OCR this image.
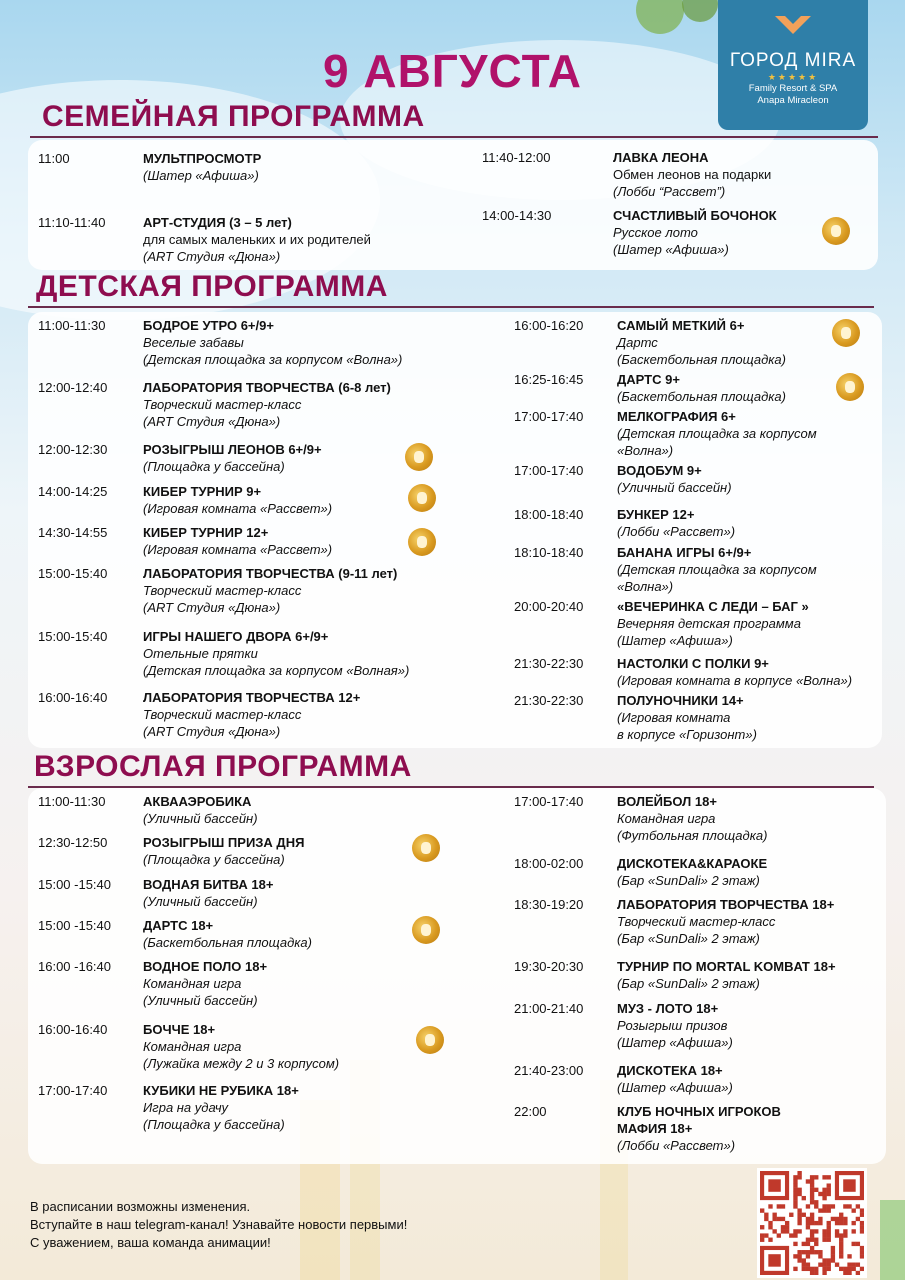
ГОРОД MIRA
★★★★★
Family Resort & SPA
Anapa Miracleon
9 АВГУСТА
СЕМЕЙНАЯ ПРОГРАММА
11:00	МУЛЬТПРОСМОТР
(Шатер «Афиша»)
11:10-11:40	АРТ-СТУДИЯ (3 – 5 лет)
для самых маленьких и их родителей
(ART Студия «Дюна»)
11:40-12:00	ЛАВКА ЛЕОНА
Обмен леонов на подарки
(Лобби “Рассвет”)
14:00-14:30	СЧАСТЛИВЫЙ БОЧОНОК
Русское лото
(Шатер «Афиша»)
ДЕТСКАЯ ПРОГРАММА
11:00-11:30	БОДРОЕ УТРО 6+/9+
Веселые забавы
(Детская площадка за корпусом «Волна»)
12:00-12:40	ЛАБОРАТОРИЯ ТВОРЧЕСТВА (6-8 лет)
Творческий мастер-класс
(ART Студия «Дюна»)
12:00-12:30	РОЗЫГРЫШ ЛЕОНОВ 6+/9+
(Площадка у бассейна)
14:00-14:25	КИБЕР ТУРНИР 9+
(Игровая комната «Рассвет»)
14:30-14:55	КИБЕР ТУРНИР 12+
(Игровая комната «Рассвет»)
15:00-15:40	ЛАБОРАТОРИЯ ТВОРЧЕСТВА (9-11 лет)
Творческий мастер-класс
(ART Студия «Дюна»)
15:00-15:40	ИГРЫ НАШЕГО ДВОРА 6+/9+
Отельные прятки
(Детская площадка за корпусом «Волная»)
16:00-16:40	ЛАБОРАТОРИЯ ТВОРЧЕСТВА 12+
Творческий мастер-класс
(ART Студия «Дюна»)
16:00-16:20	САМЫЙ МЕТКИЙ 6+
Дартс
(Баскетбольная площадка)
16:25-16:45	ДАРТС 9+
(Баскетбольная площадка)
17:00-17:40	МЕЛКОГРАФИЯ 6+
(Детская площадка за корпусом
«Волна»)
17:00-17:40	ВОДОБУМ 9+
(Уличный бассейн)
18:00-18:40	БУНКЕР 12+
(Лобби «Рассвет»)
18:10-18:40	БАНАНА ИГРЫ 6+/9+
(Детская площадка за корпусом
«Волна»)
20:00-20:40	«ВЕЧЕРИНКА С ЛЕДИ – БАГ »
Вечерняя детская программа
(Шатер «Афиша»)
21:30-22:30	НАСТОЛКИ С ПОЛКИ 9+
(Игровая комната в корпусе «Волна»)
21:30-22:30	ПОЛУНОЧНИКИ 14+
(Игровая комната
в корпусе «Горизонт»)
ВЗРОСЛАЯ ПРОГРАММА
11:00-11:30	АКВААЭРОБИКА
(Уличный бассейн)
12:30-12:50	РОЗЫГРЫШ ПРИЗА ДНЯ
(Площадка у бассейна)
15:00 -15:40 ВОДНАЯ БИТВА 18+
(Уличный бассейн)
15:00 -15:40 ДАРТС 18+
(Баскетбольная площадка)
16:00 -16:40 ВОДНОЕ ПОЛО 18+
Командная игра
(Уличный бассейн)
16:00-16:40	БОЧЧЕ 18+
Командная игра
(Лужайка между 2 и 3 корпусом)
17:00-17:40	КУБИКИ НЕ РУБИКА 18+
Игра на удачу
(Площадка у бассейна)
17:00-17:40	ВОЛЕЙБОЛ 18+
Командная игра
(Футбольная площадка)
18:00-02:00	ДИСКОТЕКА&КАРАОКЕ
(Бар «SunDali» 2 этаж)
18:30-19:20	ЛАБОРАТОРИЯ ТВОРЧЕСТВА 18+
Творческий мастер-класс
(Бар «SunDali» 2 этаж)
19:30-20:30	ТУРНИР ПО MORTAL KOMBAT 18+
(Бар «SunDali» 2 этаж)
21:00-21:40	МУЗ - ЛОТО 18+
Розыгрыш призов
(Шатер «Афиша»)
21:40-23:00	ДИСКОТЕКА 18+
(Шатер «Афиша»)
22:00	КЛУБ НОЧНЫХ ИГРОКОВ
МАФИЯ 18+
(Лобби «Рассвет»)
В расписании возможны изменения.
Вступайте в наш telegram-канал! Узнавайте новости первыми!
С уважением, ваша команда анимации!
